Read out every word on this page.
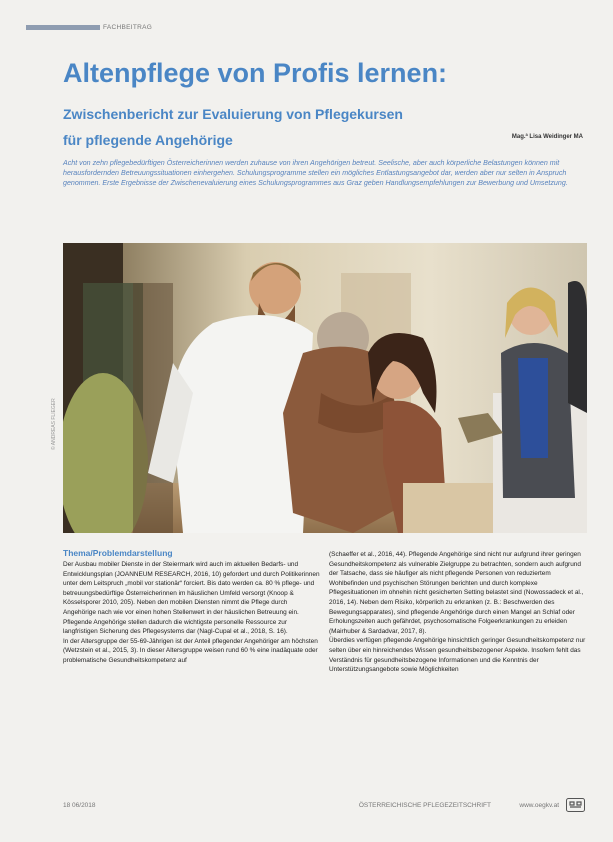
FACHBEITRAG
Altenpflege von Profis lernen:
Zwischenbericht zur Evaluierung von Pflegekursen
für pflegende Angehörige	Mag.ª Lisa Weidinger MA

Acht von zehn pflegebedürftigen Österreicherinnen werden zuhause von ihren Angehörigen betreut. Seelische, aber auch körperliche Belastungen können mit herausfordernden Betreuungssituationen einhergehen. Schulungsprogramme stellen ein mögliches Entlastungsangebot dar, werden aber nur selten in Anspruch genommen. Erste Ergebnisse der Zwischenevaluierung eines Schulungsprogrammes aus Graz geben Handlungsempfehlungen zur Bewerbung und Umsetzung.

© ANDREAS FLIEGER
Thema/Problemdarstellung

Der Ausbau mobiler Dienste in der Steiermark wird auch im aktuellen Bedarfs- und Entwicklungsplan (JOANNEUM RESEARCH, 2016, 10) gefordert und durch Politikerinnen unter dem Leitspruch „mobil vor stationär“ forciert. Bis dato werden ca. 80 % pflege- und betreuungsbedürftige Österreicherinnen im häuslichen Umfeld versorgt (Knoop & Kösselsporer 2010, 205). Neben den mobilen Diensten nimmt die Pflege durch Angehörige nach wie vor einen hohen Stellenwert in der häuslichen Betreuung ein. Pflegende Angehörige stellen dadurch die wichtigste personelle Ressource zur langfristigen Sicherung des Pflegesystems dar (Nagl-Cupal et al., 2018, S. 16).

In der Altersgruppe der 55-69-Jährigen ist der Anteil pflegender Angehöriger am höchsten (Wetzstein et al., 2015, 3). In dieser Altersgruppe weisen rund 60 % eine inadäquate oder problematische Gesundheitskompetenz auf

(Schaeffer et al., 2016, 44). Pflegende Angehörige sind nicht nur aufgrund ihrer geringen Gesundheitskompetenz als vulnerable Zielgruppe zu betrachten, sondern auch aufgrund der Tatsache, dass sie häufiger als nicht pflegende Personen von reduziertem Wohlbefinden und psychischen Störungen berichten und durch komplexe Pflegesituationen im ohnehin nicht gesicherten Setting belastet sind (Nowossadeck et al., 2016, 14). Neben dem Risiko, körperlich zu erkranken (z. B.: Beschwerden des Bewegungsapparates), sind pflegende Angehörige durch einen Mangel an Schlaf oder Erholungszeiten auch gefährdet, psychosomatische Folgeerkrankungen zu erleiden (Mairhuber & Sardadvar, 2017, 8).

Überdies verfügen pflegende Angehörige hinsichtlich geringer Gesundheitskompetenz nur selten über ein hinreichendes Wissen gesundheitsbezogener Aspekte. Insofern fehlt das Verständnis für gesundheitsbezogene Informationen und die Kenntnis der Unterstützungsangebote sowie Möglichkeiten

18 06/2018	ÖSTERREICHISCHE PFLEGEZEITSCHRIFT	www.oegkv.at
